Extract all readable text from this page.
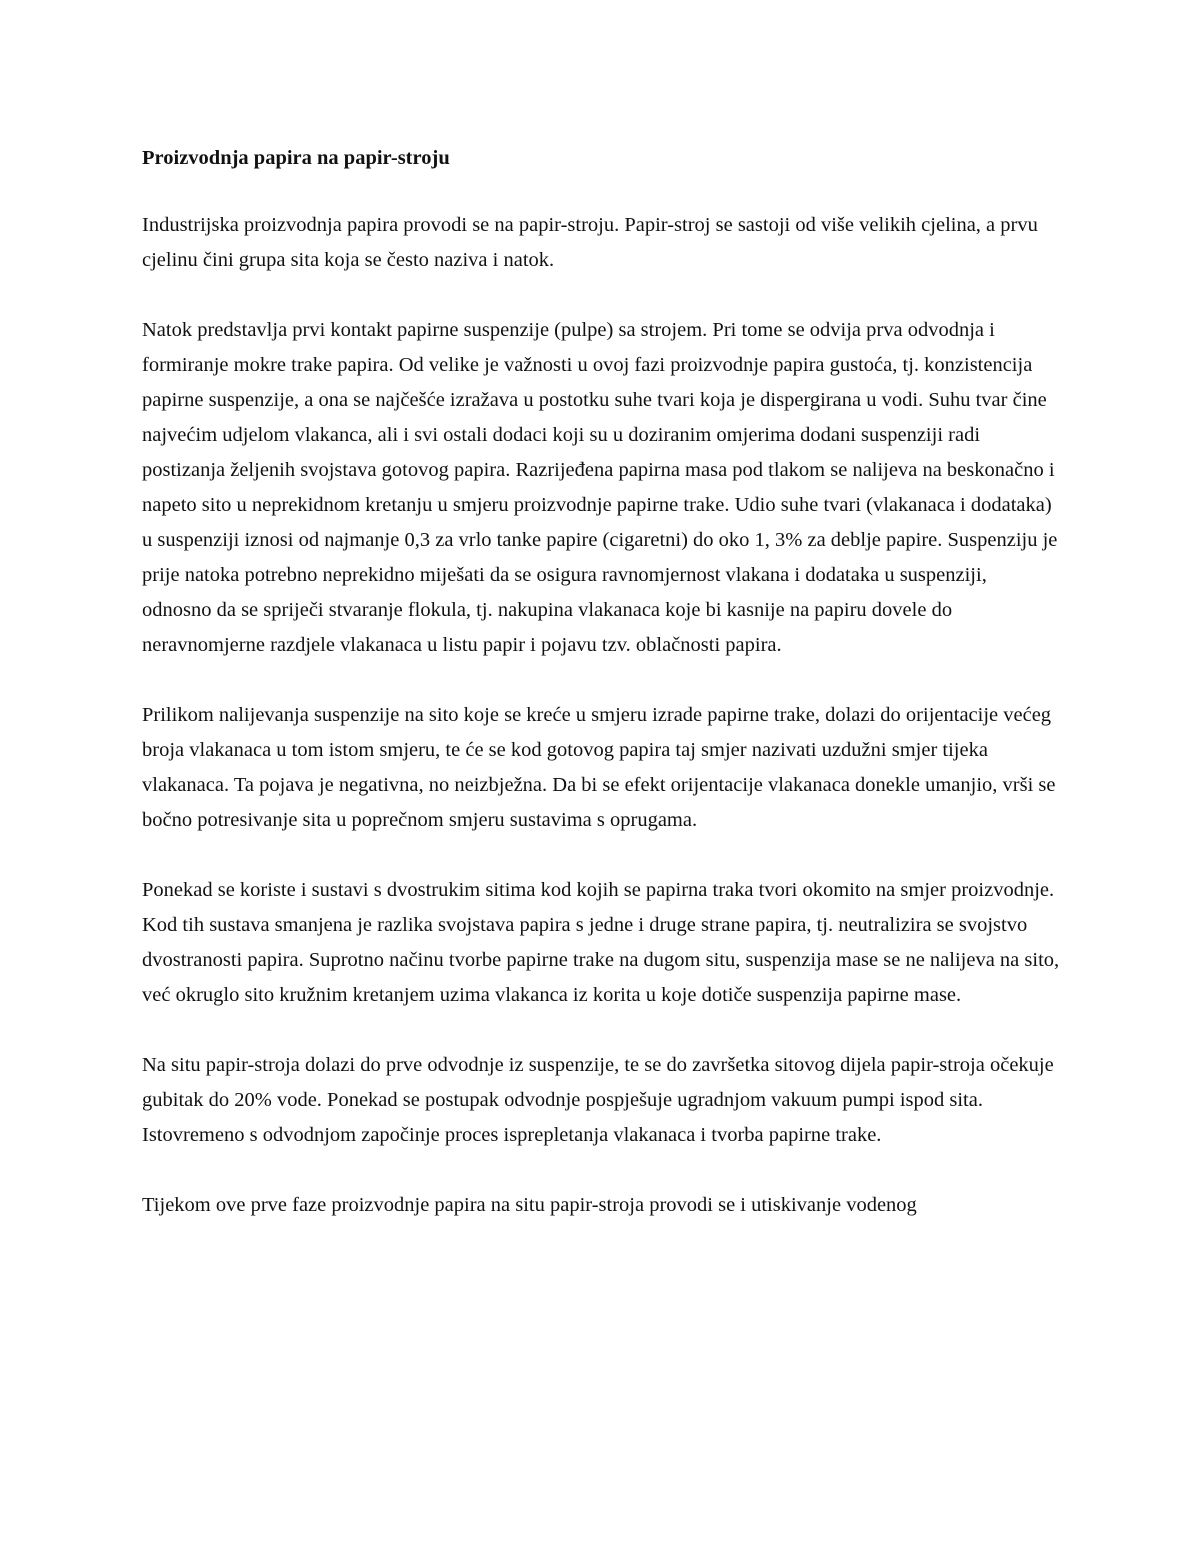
Proizvodnja papira na papir-stroju

Industrijska proizvodnja papira provodi se na papir-stroju. Papir-stroj se sastoji od više velikih cjelina, a prvu cjelinu čini grupa sita koja se često naziva i natok.

Natok predstavlja prvi kontakt papirne suspenzije (pulpe) sa strojem. Pri tome se odvija prva odvodnja i formiranje mokre trake papira. Od velike je važnosti u ovoj fazi proizvodnje papira gustoća, tj. konzistencija papirne suspenzije, a ona se najčešće izražava u postotku suhe tvari koja je dispergirana u vodi. Suhu tvar čine najvećim udjelom vlakanca, ali i svi ostali dodaci koji su u doziranim omjerima dodani suspenziji radi postizanja željenih svojstava gotovog papira. Razrijeđena papirna masa pod tlakom se nalijeva na beskonačno i napeto sito u neprekidnom kretanju u smjeru proizvodnje papirne trake. Udio suhe tvari (vlakanaca i dodataka) u suspenziji iznosi od najmanje 0,3 za vrlo tanke papire (cigaretni) do oko 1, 3% za deblje papire. Suspenziju je prije natoka potrebno neprekidno miješati da se osigura ravnomjernost vlakana i dodataka u suspenziji, odnosno da se spriječi stvaranje flokula, tj. nakupina vlakanaca koje bi kasnije na papiru dovele do neravnomjerne razdjele vlakanaca u listu papir i pojavu tzv. oblačnosti papira.

Prilikom nalijevanja suspenzije na sito koje se kreće u smjeru izrade papirne trake, dolazi do orijentacije većeg broja vlakanaca u tom istom smjeru, te će se kod gotovog papira taj smjer nazivati uzdužni smjer tijeka vlakanaca. Ta pojava je negativna, no neizbježna. Da bi se efekt orijentacije vlakanaca donekle umanjio, vrši se bočno potresivanje sita u poprečnom smjeru sustavima s oprugama.

Ponekad se koriste i sustavi s dvostrukim sitima kod kojih se papirna traka tvori okomito na smjer proizvodnje. Kod tih sustava smanjena je razlika svojstava papira s jedne i druge strane papira, tj. neutralizira se svojstvo dvostranosti papira. Suprotno načinu tvorbe papirne trake na dugom situ, suspenzija mase se ne nalijeva na sito, već okruglo sito kružnim kretanjem uzima vlakanca iz korita u koje dotiče suspenzija papirne mase.

Na situ papir-stroja dolazi do prve odvodnje iz suspenzije, te se do završetka sitovog dijela papir-stroja očekuje gubitak do 20% vode. Ponekad se postupak odvodnje pospješuje ugradnjom vakuum pumpi ispod sita. Istovremeno s odvodnjom započinje proces isprepletanja vlakanaca i tvorba papirne trake.

Tijekom ove prve faze proizvodnje papira na situ papir-stroja provodi se i utiskivanje vodenog
